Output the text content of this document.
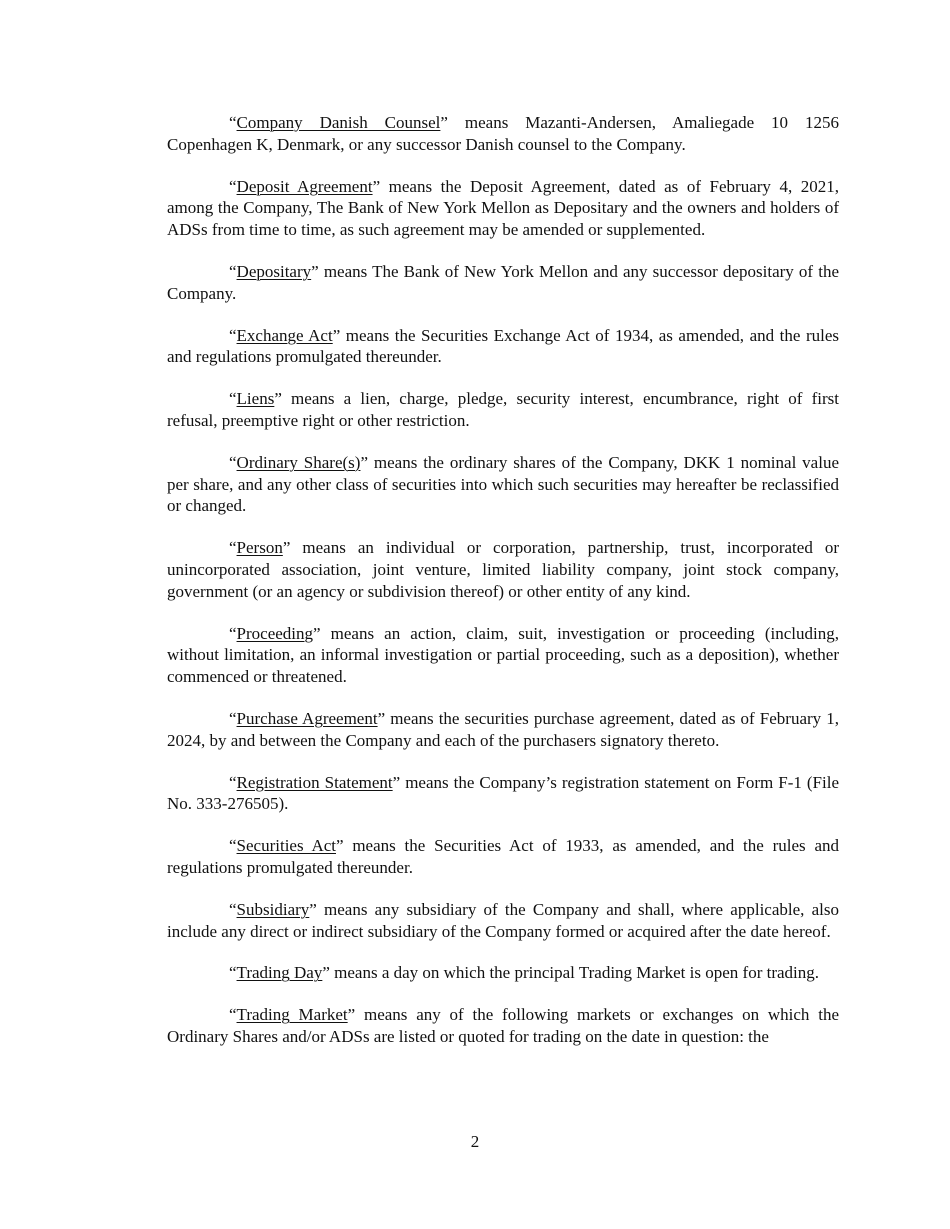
“Company Danish Counsel” means Mazanti-Andersen, Amaliegade 10 1256 Copenhagen K, Denmark, or any successor Danish counsel to the Company.

“Deposit Agreement” means the Deposit Agreement, dated as of February 4, 2021, among the Company, The Bank of New York Mellon as Depositary and the owners and holders of ADSs from time to time, as such agreement may be amended or supplemented.

“Depositary” means The Bank of New York Mellon and any successor depositary of the Company.

“Exchange Act” means the Securities Exchange Act of 1934, as amended, and the rules and regulations promulgated thereunder.

“Liens” means a lien, charge, pledge, security interest, encumbrance, right of first refusal, preemptive right or other restriction.

“Ordinary Share(s)” means the ordinary shares of the Company, DKK 1 nominal value per share, and any other class of securities into which such securities may hereafter be reclassified or changed.

“Person” means an individual or corporation, partnership, trust, incorporated or unincorporated association, joint venture, limited liability company, joint stock company, government (or an agency or subdivision thereof) or other entity of any kind.

“Proceeding” means an action, claim, suit, investigation or proceeding (including, without limitation, an informal investigation or partial proceeding, such as a deposition), whether commenced or threatened.

“Purchase Agreement” means the securities purchase agreement, dated as of February 1, 2024, by and between the Company and each of the purchasers signatory thereto.

“Registration Statement” means the Company’s registration statement on Form F-1 (File No. 333-276505).

“Securities Act” means the Securities Act of 1933, as amended, and the rules and regulations promulgated thereunder.

“Subsidiary” means any subsidiary of the Company and shall, where applicable, also include any direct or indirect subsidiary of the Company formed or acquired after the date hereof.

“Trading Day” means a day on which the principal Trading Market is open for trading.

“Trading Market” means any of the following markets or exchanges on which the Ordinary Shares and/or ADSs are listed or quoted for trading on the date in question: the

2
